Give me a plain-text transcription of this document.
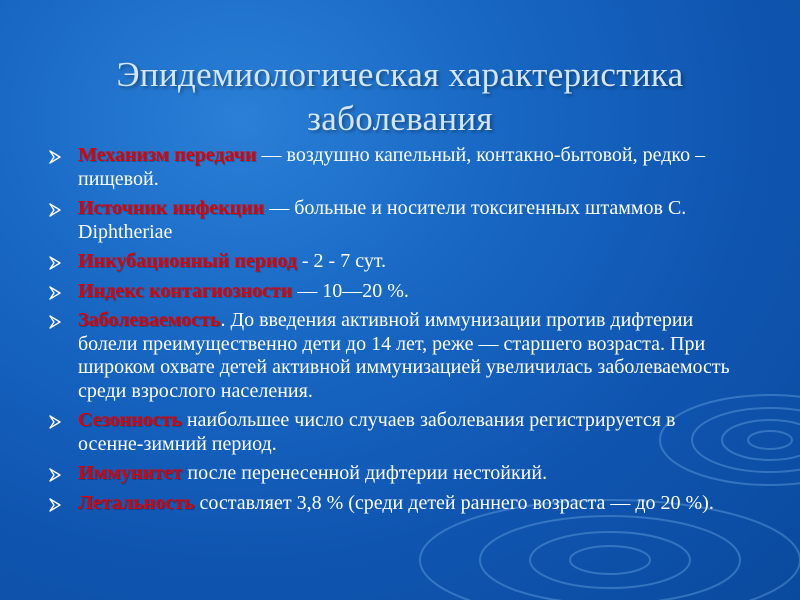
Эпидемиологическая характеристика
заболевания
Механизм передачи — воздушно капельный, контакно-бытовой, редко –пищевой.
Источник инфекции — больные и носители токсигенных штаммов C. Diphtheriae
Инкубационный период - 2 - 7 сут.
Индекс контагиозности — 10—20 %.
Заболеваемость. До введения активной иммунизации против дифтерии болели преимущественно дети до 14 лет, реже — старшего возраста. При широком охвате детей активной иммунизацией увеличилась заболеваемость среди взрослого населения.
Сезонность наибольшее число случаев заболевания регистрируется в осенне-зимний период.
Иммунитет после перенесенной дифтерии нестойкий.
Летальность составляет 3,8 % (среди детей раннего возраста — до 20 %).
